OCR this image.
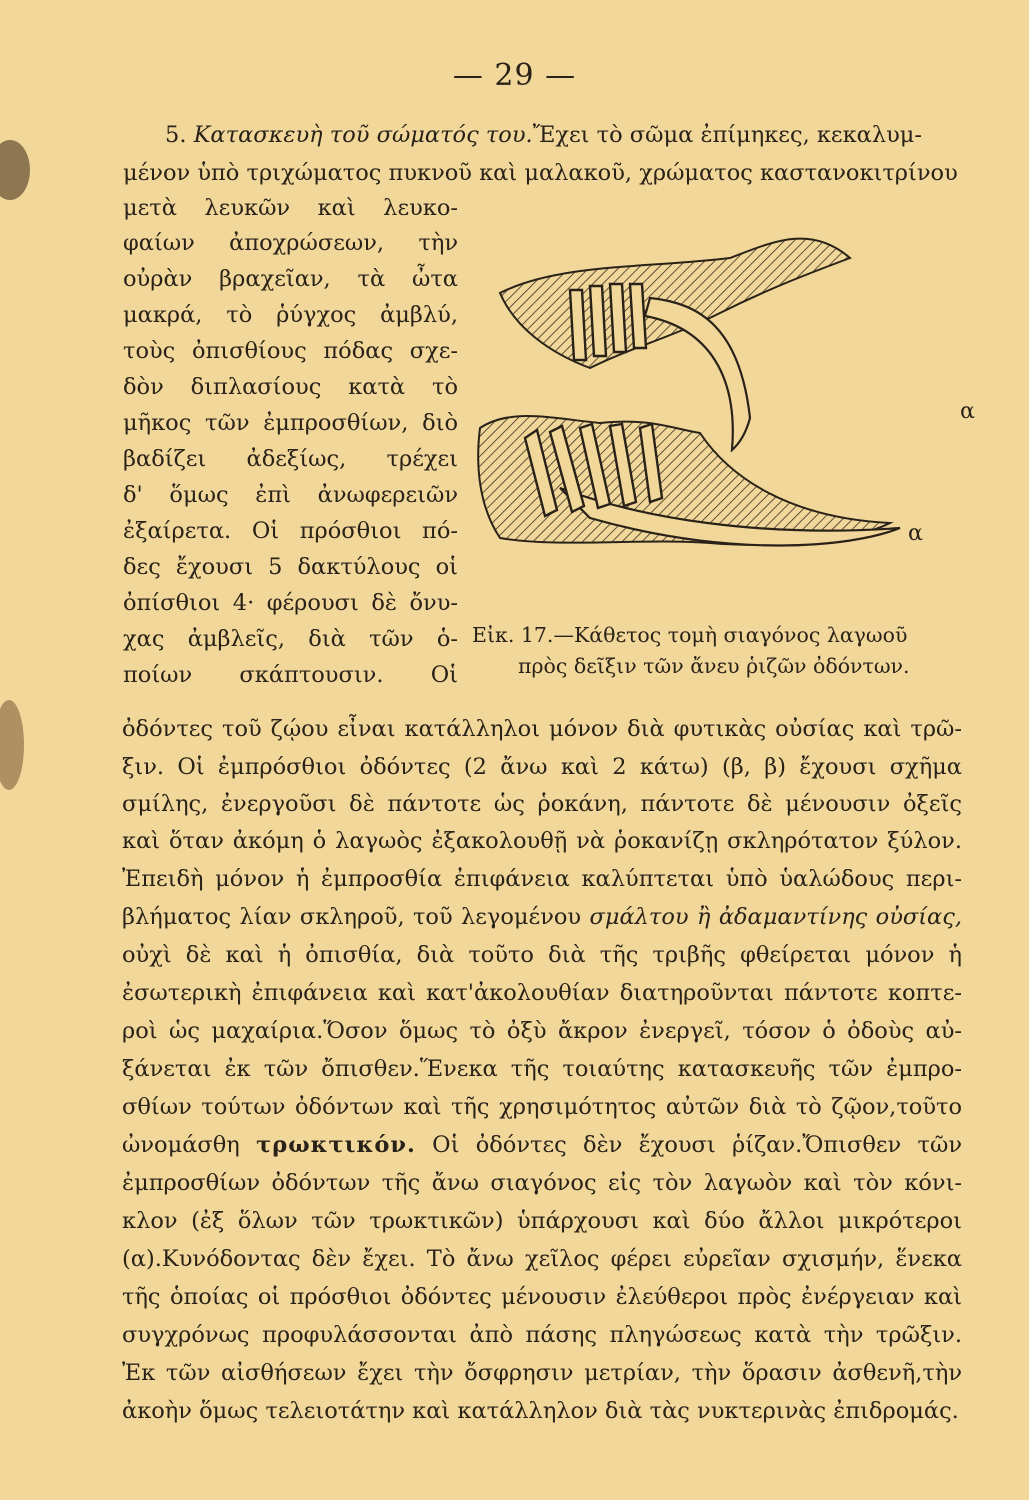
— 29 —
5. Κατασκευὴ τοῦ σώματός του.Ἔχει τὸ σῶμα ἐπίμηκες, κεκαλυμ-
μένον ὑπὸ τριχώματος πυκνοῦ καὶ μαλακοῦ, χρώματος καστανοκιτρίνου
μετὰ λευκῶν καὶ λευκο-
φαίων ἀποχρώσεων, τὴν
οὐρὰν βραχεῖαν, τὰ ὦτα
μακρά, τὸ ῥύγχος ἀμβλύ,
τοὺς ὀπισθίους πόδας σχε-
δὸν διπλασίους κατὰ τὸ
μῆκος τῶν ἐμπροσθίων, διὸ
βαδίζει ἀδεξίως, τρέχει
δ' ὅμως ἐπὶ ἀνωφερειῶν
ἐξαίρετα. Οἱ πρόσθιοι πό-
δες ἔχουσι 5 δακτύλους οἱ
ὀπίσθιοι 4· φέρουσι δὲ ὄνυ-
χας ἀμβλεῖς, διὰ τῶν ὁ-
ποίων σκάπτουσιν. Οἱ
α
α
Εἰκ. 17.—Κάθετος τομὴ σιαγόνος λαγωοῦ
πρὸς δεῖξιν τῶν ἄνευ ῥιζῶν ὀδόντων.
ὀδόντες τοῦ ζῴου εἶναι κατάλληλοι μόνον διὰ φυτικὰς οὐσίας καὶ τρῶ-
ξιν. Οἱ ἐμπρόσθιοι ὀδόντες (2 ἄνω καὶ 2 κάτω) (β, β) ἔχουσι σχῆμα
σμίλης, ἐνεργοῦσι δὲ πάντοτε ὡς ῥοκάνη, πάντοτε δὲ μένουσιν ὀξεῖς
καὶ ὅταν ἀκόμη ὁ λαγωὸς ἐξακολουθῇ νὰ ῥοκανίζῃ σκληρότατον ξύλον.
Ἐπειδὴ μόνον ἡ ἐμπροσθία ἐπιφάνεια καλύπτεται ὑπὸ ὑαλώδους περι-
βλήματος λίαν σκληροῦ, τοῦ λεγομένου σμάλτου ἢ ἀδαμαντίνης οὐσίας,
οὐχὶ δὲ καὶ ἡ ὀπισθία, διὰ τοῦτο διὰ τῆς τριβῆς φθείρεται μόνον ἡ
ἐσωτερικὴ ἐπιφάνεια καὶ κατ'ἀκολουθίαν διατηροῦνται πάντοτε κοπτε-
ροὶ ὡς μαχαίρια.Ὅσον ὅμως τὸ ὀξὺ ἄκρον ἐνεργεῖ, τόσον ὁ ὀδοὺς αὐ-
ξάνεται ἐκ τῶν ὄπισθεν.Ἕνεκα τῆς τοιαύτης κατασκευῆς τῶν ἐμπρο-
σθίων τούτων ὀδόντων καὶ τῆς χρησιμότητος αὐτῶν διὰ τὸ ζῷον,τοῦτο
ὠνομάσθη τρωκτικόν. Οἱ ὀδόντες δὲν ἔχουσι ῥίζαν.Ὄπισθεν τῶν
ἐμπροσθίων ὀδόντων τῆς ἄνω σιαγόνος εἰς τὸν λαγωὸν καὶ τὸν κόνι-
κλον (ἐξ ὅλων τῶν τρωκτικῶν) ὑπάρχουσι καὶ δύο ἄλλοι μικρότεροι
(α).Κυνόδοντας δὲν ἔχει. Τὸ ἄνω χεῖλος φέρει εὐρεῖαν σχισμήν, ἕνεκα
τῆς ὁποίας οἱ πρόσθιοι ὀδόντες μένουσιν ἐλεύθεροι πρὸς ἐνέργειαν καὶ
συγχρόνως προφυλάσσονται ἀπὸ πάσης πληγώσεως κατὰ τὴν τρῶξιν.
Ἐκ τῶν αἰσθήσεων ἔχει τὴν ὄσφρησιν μετρίαν, τὴν ὅρασιν ἀσθενῆ,τὴν
ἀκοὴν ὅμως τελειοτάτην καὶ κατάλληλον διὰ τὰς νυκτερινὰς ἐπιδρομάς.
